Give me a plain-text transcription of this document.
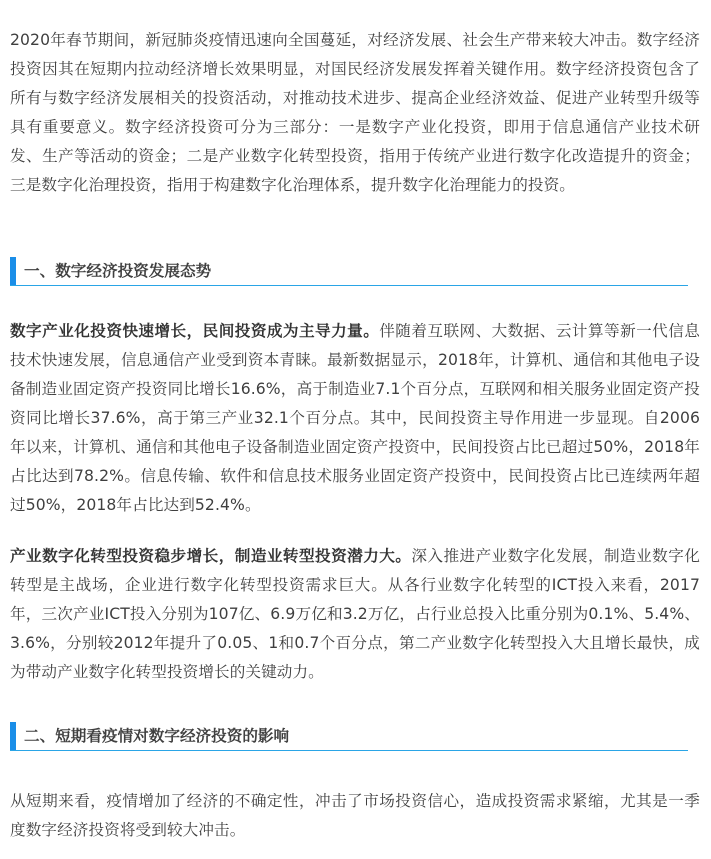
2020年春节期间，新冠肺炎疫情迅速向全国蔓延，对经济发展、社会生产带来较大冲击。数字经济投资因其在短期内拉动经济增长效果明显，对国民经济发展发挥着关键作用。数字经济投资包含了所有与数字经济发展相关的投资活动，对推动技术进步、提高企业经济效益、促进产业转型升级等具有重要意义。数字经济投资可分为三部分：一是数字产业化投资，即用于信息通信产业技术研发、生产等活动的资金；二是产业数字化转型投资，指用于传统产业进行数字化改造提升的资金；三是数字化治理投资，指用于构建数字化治理体系，提升数字化治理能力的投资。

一、数字经济投资发展态势

数字产业化投资快速增长，民间投资成为主导力量。伴随着互联网、大数据、云计算等新一代信息技术快速发展，信息通信产业受到资本青睐。最新数据显示，2018年，计算机、通信和其他电子设备制造业固定资产投资同比增长16.6%，高于制造业7.1个百分点，互联网和相关服务业固定资产投资同比增长37.6%，高于第三产业32.1个百分点。其中，民间投资主导作用进一步显现。自2006年以来，计算机、通信和其他电子设备制造业固定资产投资中，民间投资占比已超过50%，2018年占比达到78.2%。信息传输、软件和信息技术服务业固定资产投资中，民间投资占比已连续两年超过50%，2018年占比达到52.4%。

产业数字化转型投资稳步增长，制造业转型投资潜力大。深入推进产业数字化发展，制造业数字化转型是主战场，企业进行数字化转型投资需求巨大。从各行业数字化转型的ICT投入来看，2017年，三次产业ICT投入分别为107亿、6.9万亿和3.2万亿，占行业总投入比重分别为0.1%、5.4%、3.6%，分别较2012年提升了0.05、1和0.7个百分点，第二产业数字化转型投入大且增长最快，成为带动产业数字化转型投资增长的关键动力。

二、短期看疫情对数字经济投资的影响

从短期来看，疫情增加了经济的不确定性，冲击了市场投资信心，造成投资需求紧缩，尤其是一季度数字经济投资将受到较大冲击。
